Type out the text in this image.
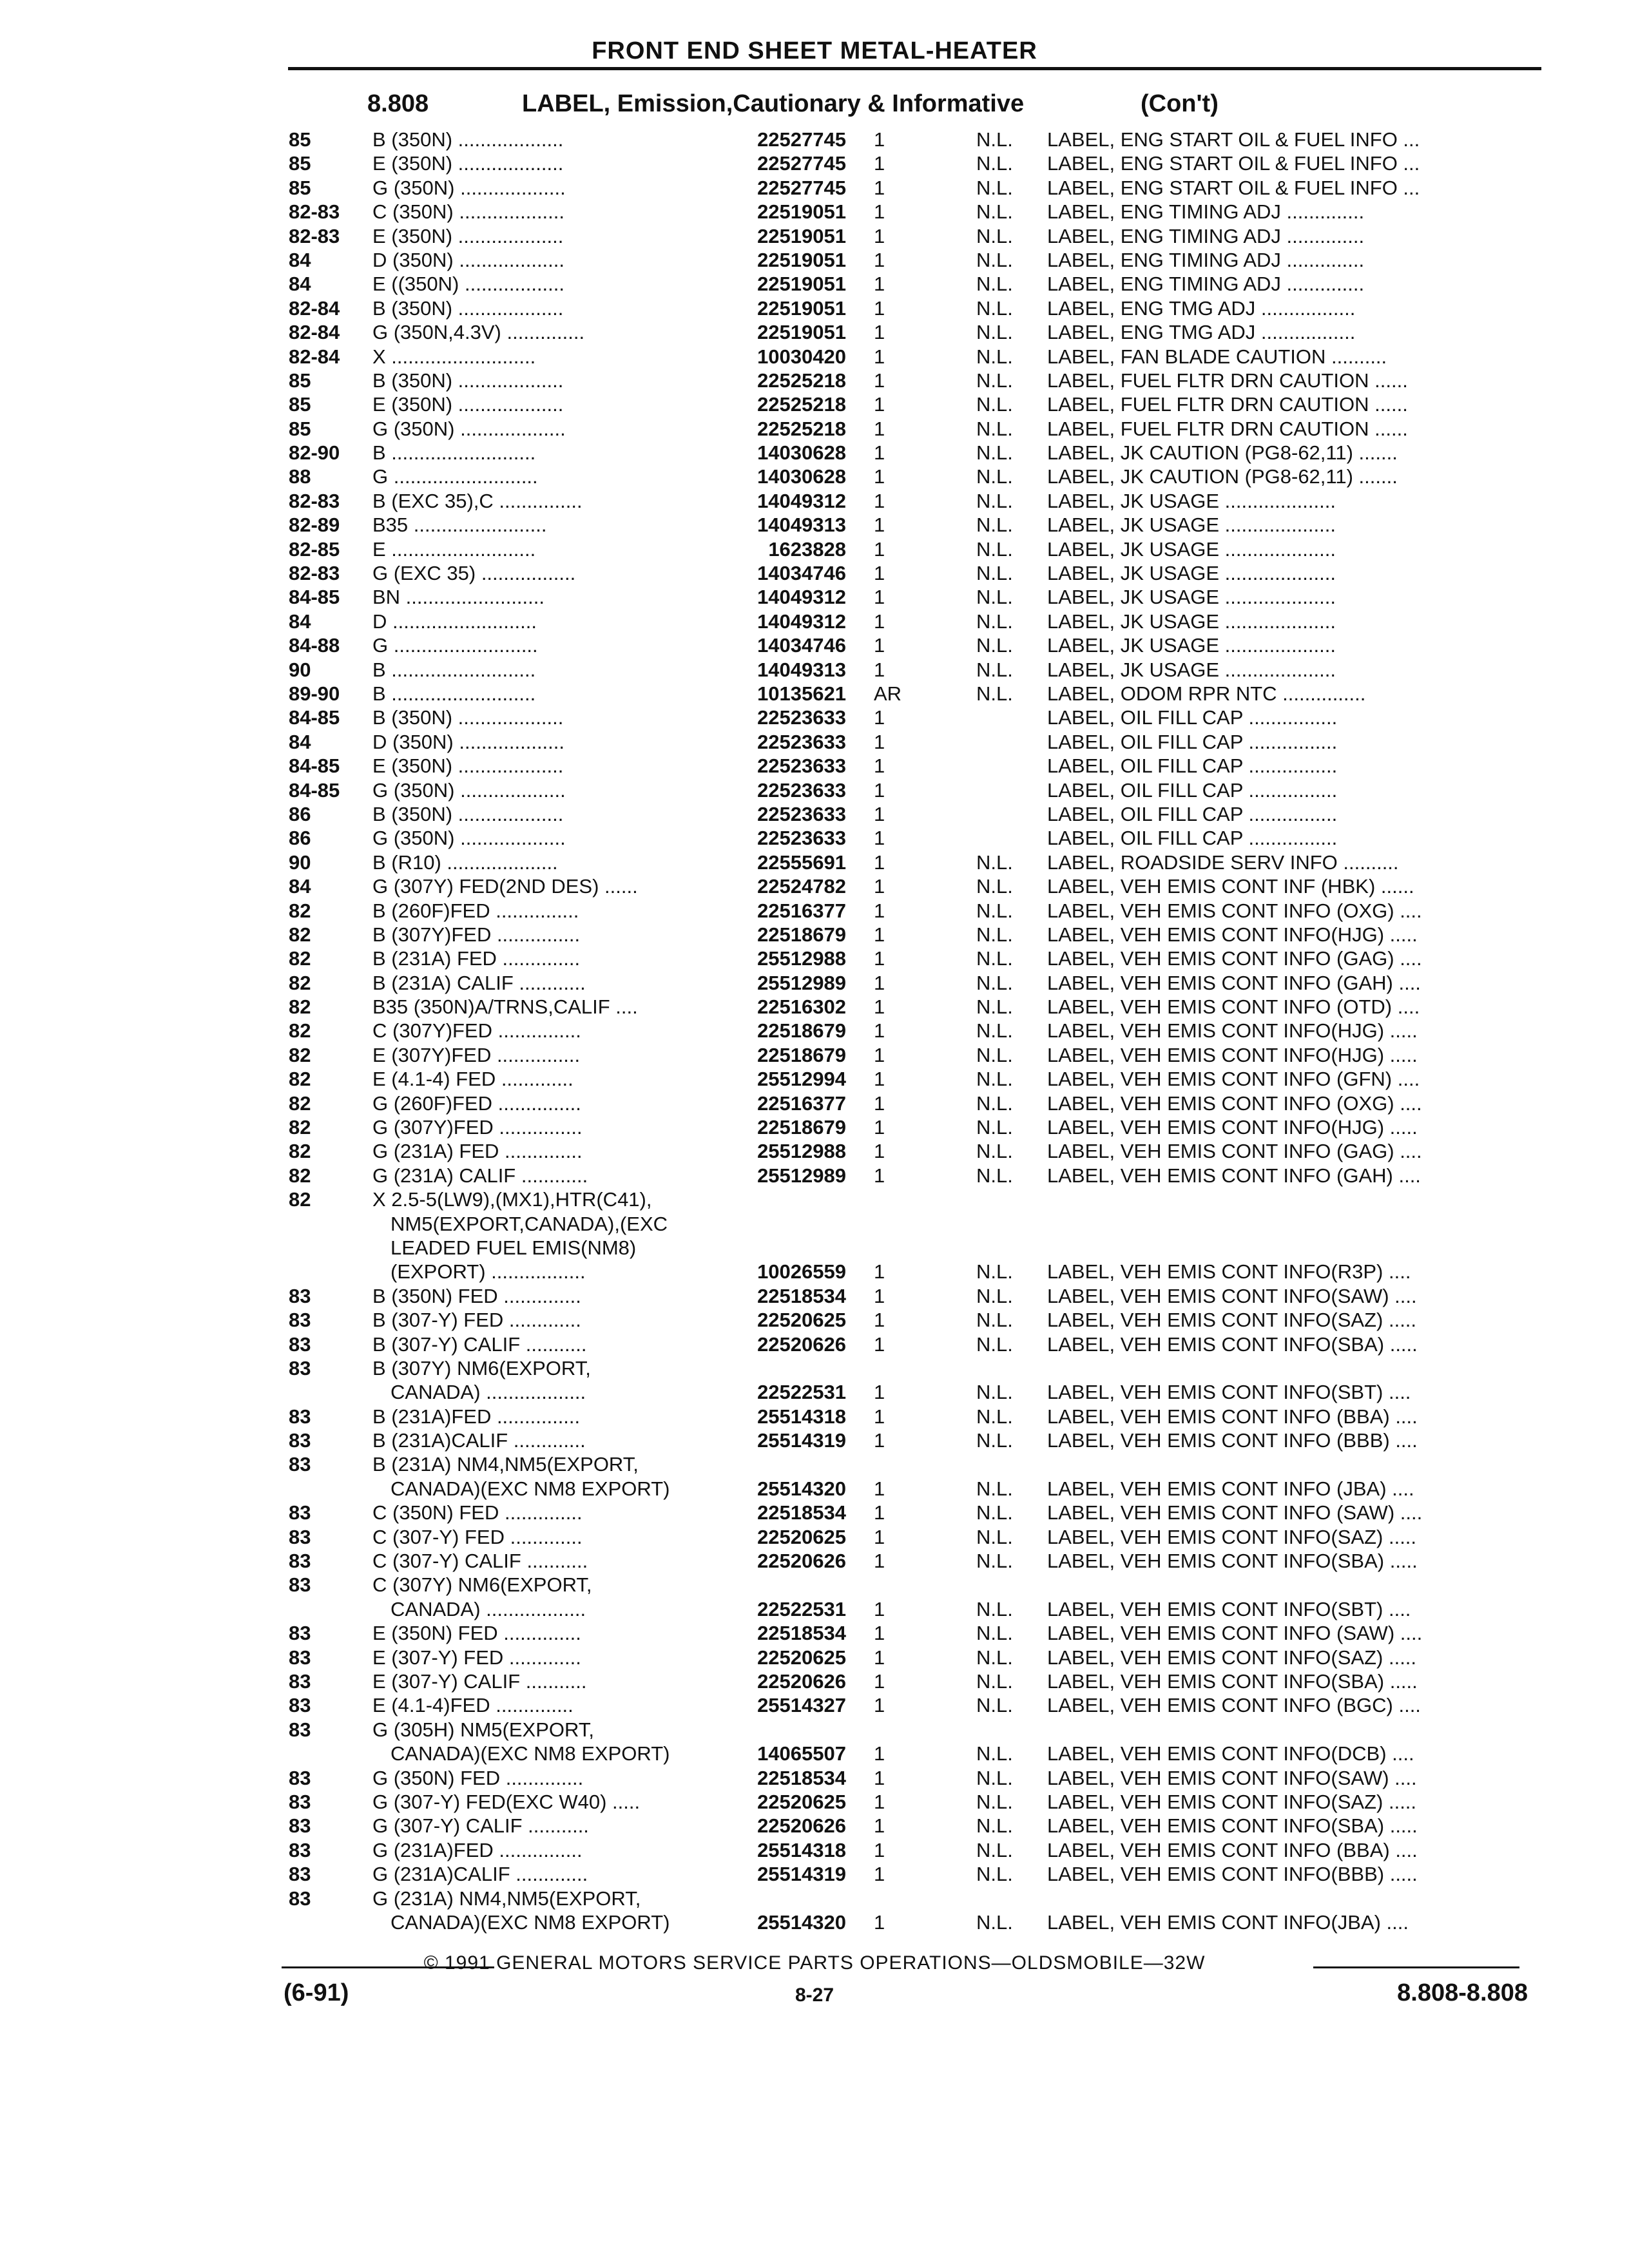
FRONT END SHEET METAL-HEATER
8.808	LABEL, Emission,Cautionary & Informative	(Con't)
85	B (350N) ...................	22527745 1	N.L. LABEL, ENG START OIL & FUEL INFO ...
85	E (350N) ...................	22527745 1	N.L. LABEL, ENG START OIL & FUEL INFO ...
85	G (350N) ...................	22527745 1	N.L. LABEL, ENG START OIL & FUEL INFO ...
82-83 C (350N) ...................	22519051 1	N.L. LABEL, ENG TIMING ADJ ..............
82-83 E (350N) ...................	22519051 1	N.L. LABEL, ENG TIMING ADJ ..............
84	D (350N) ...................	22519051 1	N.L. LABEL, ENG TIMING ADJ ..............
84	E ((350N) ..................	22519051 1	N.L. LABEL, ENG TIMING ADJ ..............
82-84 B (350N) ...................	22519051 1	N.L. LABEL, ENG TMG ADJ .................
82-84 G (350N,4.3V) ..............	22519051 1	N.L. LABEL, ENG TMG ADJ .................
82-84 X ..........................	10030420 1	N.L. LABEL, FAN BLADE CAUTION ..........
85	B (350N) ...................	22525218 1	N.L. LABEL, FUEL FLTR DRN CAUTION ......
85	E (350N) ...................	22525218 1	N.L. LABEL, FUEL FLTR DRN CAUTION ......
85	G (350N) ...................	22525218 1	N.L. LABEL, FUEL FLTR DRN CAUTION ......
82-90 B ..........................	14030628 1	N.L. LABEL, JK CAUTION (PG8-62,11) .......
88	G ..........................	14030628 1	N.L. LABEL, JK CAUTION (PG8-62,11) .......
82-83 B (EXC 35),C ...............	14049312 1	N.L. LABEL, JK USAGE ....................
82-89 B35 ........................	14049313 1	N.L. LABEL, JK USAGE ....................
82-85 E ..........................	1623828 1	N.L. LABEL, JK USAGE ....................
82-83 G (EXC 35) .................	14034746 1	N.L. LABEL, JK USAGE ....................
84-85 BN .........................	14049312 1	N.L. LABEL, JK USAGE ....................
84	D ..........................	14049312 1	N.L. LABEL, JK USAGE ....................
84-88 G ..........................	14034746 1	N.L. LABEL, JK USAGE ....................
90	B ..........................	14049313 1	N.L. LABEL, JK USAGE ....................
89-90 B ..........................	10135621 AR	N.L. LABEL, ODOM RPR NTC ...............
84-85 B (350N) ...................	22523633 1	LABEL, OIL FILL CAP ................
84	D (350N) ...................	22523633 1	LABEL, OIL FILL CAP ................
84-85 E (350N) ...................	22523633 1	LABEL, OIL FILL CAP ................
84-85 G (350N) ...................	22523633 1	LABEL, OIL FILL CAP ................
86	B (350N) ...................	22523633 1	LABEL, OIL FILL CAP ................
86	G (350N) ...................	22523633 1	LABEL, OIL FILL CAP ................
90	B (R10) ....................	22555691 1	N.L. LABEL, ROADSIDE SERV INFO ..........
84	G (307Y) FED(2ND DES) ......	22524782 1	N.L. LABEL, VEH EMIS CONT INF (HBK) ......
82	B (260F)FED ...............	22516377 1	N.L. LABEL, VEH EMIS CONT INFO (OXG) ....
82	B (307Y)FED ...............	22518679 1	N.L. LABEL, VEH EMIS CONT INFO(HJG) .....
82	B (231A) FED ..............	25512988 1	N.L. LABEL, VEH EMIS CONT INFO (GAG) ....
82	B (231A) CALIF ............	25512989 1	N.L. LABEL, VEH EMIS CONT INFO (GAH) ....
82	B35 (350N)A/TRNS,CALIF ....	22516302 1	N.L. LABEL, VEH EMIS CONT INFO (OTD) ....
82	C (307Y)FED ...............	22518679 1	N.L. LABEL, VEH EMIS CONT INFO(HJG) .....
82	E (307Y)FED ...............	22518679 1	N.L. LABEL, VEH EMIS CONT INFO(HJG) .....
82	E (4.1-4) FED .............	25512994 1	N.L. LABEL, VEH EMIS CONT INFO (GFN) ....
82	G (260F)FED ...............	22516377 1	N.L. LABEL, VEH EMIS CONT INFO (OXG) ....
82	G (307Y)FED ...............	22518679 1	N.L. LABEL, VEH EMIS CONT INFO(HJG) .....
82	G (231A) FED ..............	25512988 1	N.L. LABEL, VEH EMIS CONT INFO (GAG) ....
82	G (231A) CALIF ............	25512989 1	N.L. LABEL, VEH EMIS CONT INFO (GAH) ....
82	X 2.5-5(LW9),(MX1),HTR(C41),
NM5(EXPORT,CANADA),(EXC
LEADED FUEL EMIS(NM8)
(EXPORT) .................	10026559 1	N.L. LABEL, VEH EMIS CONT INFO(R3P) ....
83	B (350N) FED ..............	22518534 1	N.L. LABEL, VEH EMIS CONT INFO(SAW) ....
83	B (307-Y) FED .............	22520625 1	N.L. LABEL, VEH EMIS CONT INFO(SAZ) .....
83	B (307-Y) CALIF ...........	22520626 1	N.L. LABEL, VEH EMIS CONT INFO(SBA) .....
83	B (307Y) NM6(EXPORT,
CANADA) ..................	22522531 1	N.L. LABEL, VEH EMIS CONT INFO(SBT) ....
83	B (231A)FED ...............	25514318 1	N.L. LABEL, VEH EMIS CONT INFO (BBA) ....
83	B (231A)CALIF .............	25514319 1	N.L. LABEL, VEH EMIS CONT INFO (BBB) ....
83	B (231A) NM4,NM5(EXPORT,
CANADA)(EXC NM8 EXPORT)	25514320 1	N.L. LABEL, VEH EMIS CONT INFO (JBA) ....
83	C (350N) FED ..............	22518534 1	N.L. LABEL, VEH EMIS CONT INFO (SAW) ....
83	C (307-Y) FED .............	22520625 1	N.L. LABEL, VEH EMIS CONT INFO(SAZ) .....
83	C (307-Y) CALIF ...........	22520626 1	N.L. LABEL, VEH EMIS CONT INFO(SBA) .....
83	C (307Y) NM6(EXPORT,
CANADA) ..................	22522531 1	N.L. LABEL, VEH EMIS CONT INFO(SBT) ....
83	E (350N) FED ..............	22518534 1	N.L. LABEL, VEH EMIS CONT INFO (SAW) ....
83	E (307-Y) FED .............	22520625 1	N.L. LABEL, VEH EMIS CONT INFO(SAZ) .....
83	E (307-Y) CALIF ...........	22520626 1	N.L. LABEL, VEH EMIS CONT INFO(SBA) .....
83	E (4.1-4)FED ..............	25514327 1	N.L. LABEL, VEH EMIS CONT INFO (BGC) ....
83	G (305H) NM5(EXPORT,
CANADA)(EXC NM8 EXPORT)	14065507 1	N.L. LABEL, VEH EMIS CONT INFO(DCB) ....
83	G (350N) FED ..............	22518534 1	N.L. LABEL, VEH EMIS CONT INFO(SAW) ....
83	G (307-Y) FED(EXC W40) .....	22520625 1	N.L. LABEL, VEH EMIS CONT INFO(SAZ) .....
83	G (307-Y) CALIF ...........	22520626 1	N.L. LABEL, VEH EMIS CONT INFO(SBA) .....
83	G (231A)FED ...............	25514318 1	N.L. LABEL, VEH EMIS CONT INFO (BBA) ....
83	G (231A)CALIF .............	25514319 1	N.L. LABEL, VEH EMIS CONT INFO(BBB) .....
83	G (231A) NM4,NM5(EXPORT,
CANADA)(EXC NM8 EXPORT)	25514320 1	N.L. LABEL, VEH EMIS CONT INFO(JBA) ....
© 1991 GENERAL MOTORS SERVICE PARTS OPERATIONS—OLDSMOBILE—32W
(6-91)	8-27	8.808-8.808
